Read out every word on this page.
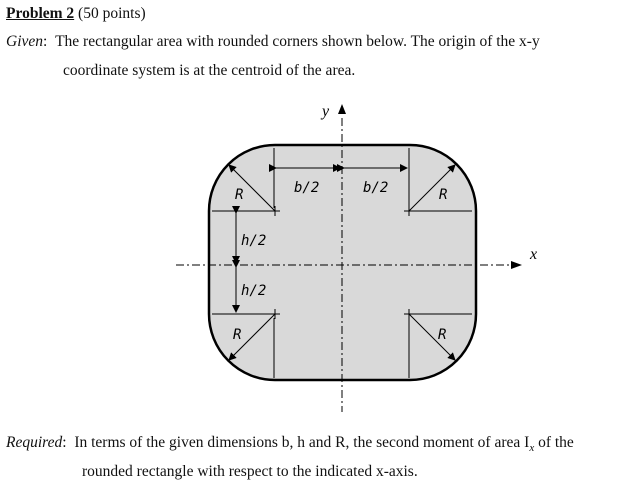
Problem 2 (50 points)
Given:  The rectangular area with rounded corners shown below. The origin of the x-y
coordinate system is at the centroid of the area.
y
x
b/2	b/2
h/2
h/2
R	R
R	R
Required:  In terms of the given dimensions b, h and R, the second moment of area $I_x$ of the
rounded rectangle with respect to the indicated x-axis.
